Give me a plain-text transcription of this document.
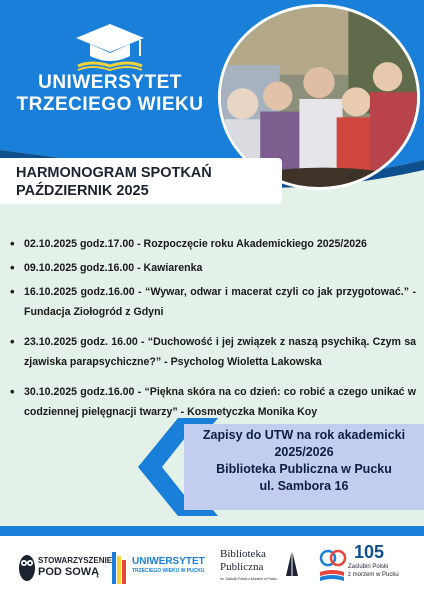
UNIWERSYTET
TRZECIEGO WIEKU
HARMONOGRAM SPOTKAŃ
PAŹDZIERNIK 2025
• 02.10.2025 godz.17.00 - Rozpoczęcie roku Akademickiego 2025/2026
• 09.10.2025 godz.16.00 - Kawiarenka
• 16.10.2025 godz.16.00 - “Wywar, odwar i macerat czyli co jak przygotować.” - Fundacja Ziołogród z Gdyni
• 23.10.2025 godz. 16.00 - “Duchowość i jej związek z naszą psychiką. Czym sa zjawiska parapsychiczne?” - Psycholog Wioletta Lakowska
• 30.10.2025 godz.16.00 - “Piękna skóra na co dzień: co robić a czego unikać w codziennej pielęgnacji twarzy” - Kosmetyczka Monika Koy
Zapisy do UTW na rok akademicki
2025/2026
Biblioteka Publiczna w Pucku
ul. Sambora 16
STOWARZYSZENIE
POD SOWĄ
UNIWERSYTET
TRZECIEGO WIEKU W PUCKU
Biblioteka
Publiczna
im. Zadiulin Polski z Morzem w Pucku
105
Zaślubin Polski
z morzem w Pucku
